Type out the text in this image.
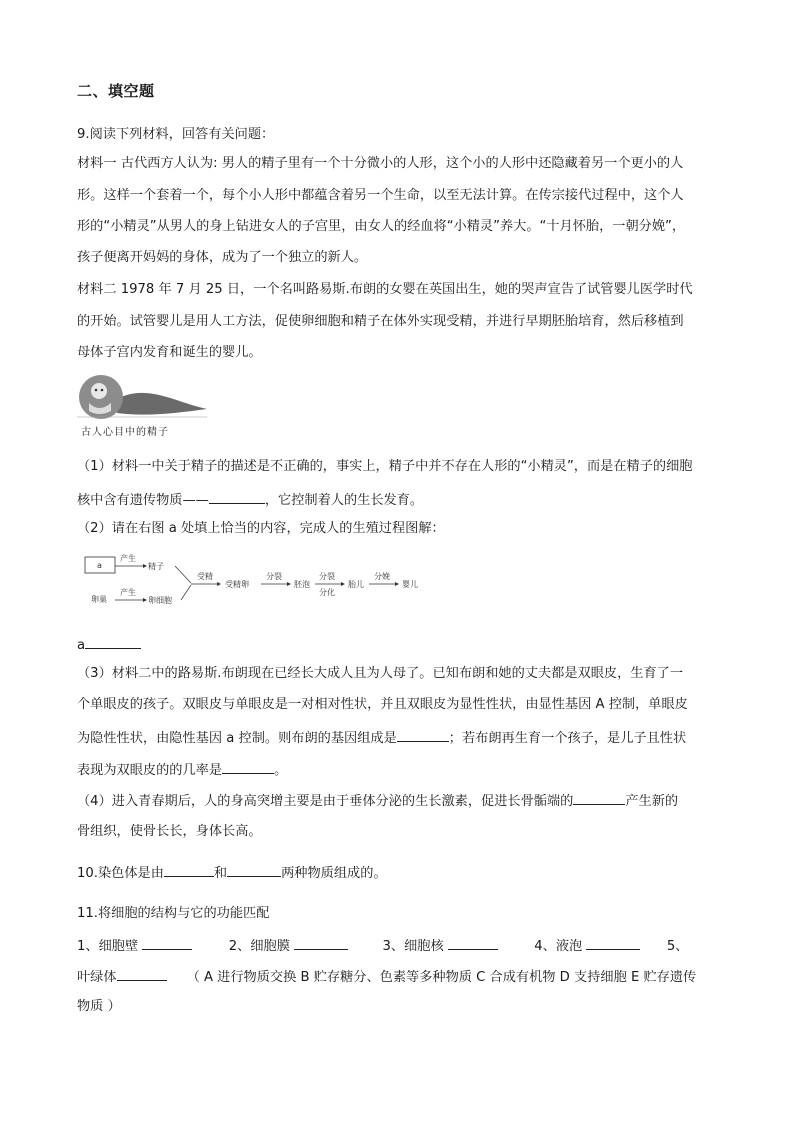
二、填空题
9.阅读下列材料，回答有关问题：
材料一 古代西方人认为: 男人的精子里有一个十分微小的人形，这个小的人形中还隐藏着另一个更小的人
形。这样一个套着一个，每个小人形中都蕴含着另一个生命，以至无法计算。在传宗接代过程中，这个人
形的“小精灵”从男人的身上钻进女人的子宫里，由女人的经血将“小精灵”养大。“十月怀胎，一朝分娩”，
孩子便离开妈妈的身体，成为了一个独立的新人。
材料二 1978 年 7 月 25 日，一个名叫路易斯.布朗的女婴在英国出生，她的哭声宣告了试管婴儿医学时代
的开始。试管婴儿是用人工方法，促使卵细胞和精子在体外实现受精，并进行早期胚胎培育，然后移植到
母体子宫内发育和诞生的婴儿。
古人心目中的精子
（1）材料一中关于精子的描述是不正确的，事实上，精子中并不存在人形的“小精灵”，而是在精子的细胞
核中含有遗传物质——	，它控制着人的生长发育。
（2）请在右图 a 处填上恰当的内容，完成人的生殖过程图解：
a
产生
精子
卵巢
产生
卵细胞
受精
受精卵
分裂
胚泡
分裂
分化
胎儿
分娩
婴儿
a
（3）材料二中的路易斯.布朗现在已经长大成人且为人母了。已知布朗和她的丈夫都是双眼皮，生育了一
个单眼皮的孩子。双眼皮与单眼皮是一对相对性状，并且双眼皮为显性性状，由显性基因 A 控制，单眼皮
为隐性性状，由隐性基因 a 控制。则布朗的基因组成是	；若布朗再生育一个孩子，是儿子且性状
表现为双眼皮的的几率是	。
（4）进入青春期后，人的身高突增主要是由于垂体分泌的生长激素，促进长骨骺端的	产生新的
骨组织，使骨长长，身体长高。
10.染色体是由	和	两种物质组成的。
11.将细胞的结构与它的功能匹配
1、细胞壁	2、细胞膜	3、细胞核	4、液泡	5、
叶绿体	（ A 进行物质交换 B 贮存糖分、色素等多种物质 C 合成有机物 D 支持细胞 E 贮存遗传
物质 ）
